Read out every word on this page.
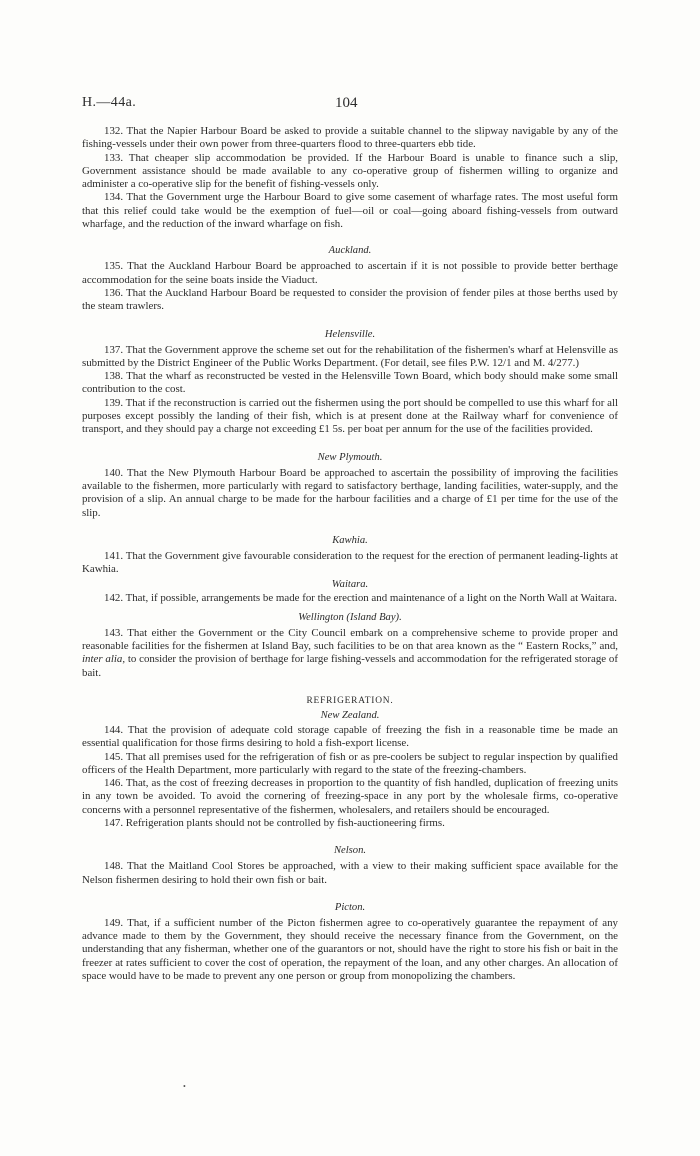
H.—44a.	104

132. That the Napier Harbour Board be asked to provide a suitable channel to the slipway navigable by any of the fishing-vessels under their own power from three-quarters flood to three-quarters ebb tide.

133. That cheaper slip accommodation be provided. If the Harbour Board is unable to finance such a slip, Government assistance should be made available to any co-operative group of fishermen willing to organize and administer a co-operative slip for the benefit of fishing-vessels only.

134. That the Government urge the Harbour Board to give some casement of wharfage rates. The most useful form that this relief could take would be the exemption of fuel—oil or coal—going aboard fishing-vessels from outward wharfage, and the reduction of the inward wharfage on fish.

Auckland.

135. That the Auckland Harbour Board be approached to ascertain if it is not possible to provide better berthage accommodation for the seine boats inside the Viaduct.

136. That the Auckland Harbour Board be requested to consider the provision of fender piles at those berths used by the steam trawlers.

Helensville.

137. That the Government approve the scheme set out for the rehabilitation of the fishermen's wharf at Helensville as submitted by the District Engineer of the Public Works Department. (For detail, see files P.W. 12/1 and M. 4/277.)

138. That the wharf as reconstructed be vested in the Helensville Town Board, which body should make some small contribution to the cost.

139. That if the reconstruction is carried out the fishermen using the port should be compelled to use this wharf for all purposes except possibly the landing of their fish, which is at present done at the Railway wharf for convenience of transport, and they should pay a charge not exceeding £1 5s. per boat per annum for the use of the facilities provided.

New Plymouth.

140. That the New Plymouth Harbour Board be approached to ascertain the possibility of improving the facilities available to the fishermen, more particularly with regard to satisfactory berthage, landing facilities, water-supply, and the provision of a slip. An annual charge to be made for the harbour facilities and a charge of £1 per time for the use of the slip.

Kawhia.

141. That the Government give favourable consideration to the request for the erection of permanent leading-lights at Kawhia.

Waitara.

142. That, if possible, arrangements be made for the erection and maintenance of a light on the North Wall at Waitara.

Wellington (Island Bay).

143. That either the Government or the City Council embark on a comprehensive scheme to provide proper and reasonable facilities for the fishermen at Island Bay, such facilities to be on that area known as the “ Eastern Rocks,” and, inter alia, to consider the provision of berthage for large fishing-vessels and accommodation for the refrigerated storage of bait.

REFRIGERATION.
New Zealand.

144. That the provision of adequate cold storage capable of freezing the fish in a reasonable time be made an essential qualification for those firms desiring to hold a fish-export license.

145. That all premises used for the refrigeration of fish or as pre-coolers be subject to regular inspection by qualified officers of the Health Department, more particularly with regard to the state of the freezing-chambers.

146. That, as the cost of freezing decreases in proportion to the quantity of fish handled, duplication of freezing units in any town be avoided. To avoid the cornering of freezing-space in any port by the wholesale firms, co-operative concerns with a personnel representative of the fishermen, wholesalers, and retailers should be encouraged.

147. Refrigeration plants should not be controlled by fish-auctioneering firms.

Nelson.

148. That the Maitland Cool Stores be approached, with a view to their making sufficient space available for the Nelson fishermen desiring to hold their own fish or bait.

Picton.

149. That, if a sufficient number of the Picton fishermen agree to co-operatively guarantee the repayment of any advance made to them by the Government, they should receive the necessary finance from the Government, on the understanding that any fisherman, whether one of the guarantors or not, should have the right to store his fish or bait in the freezer at rates sufficient to cover the cost of operation, the repayment of the loan, and any other charges. An allocation of space would have to be made to prevent any one person or group from monopolizing the chambers.

•
